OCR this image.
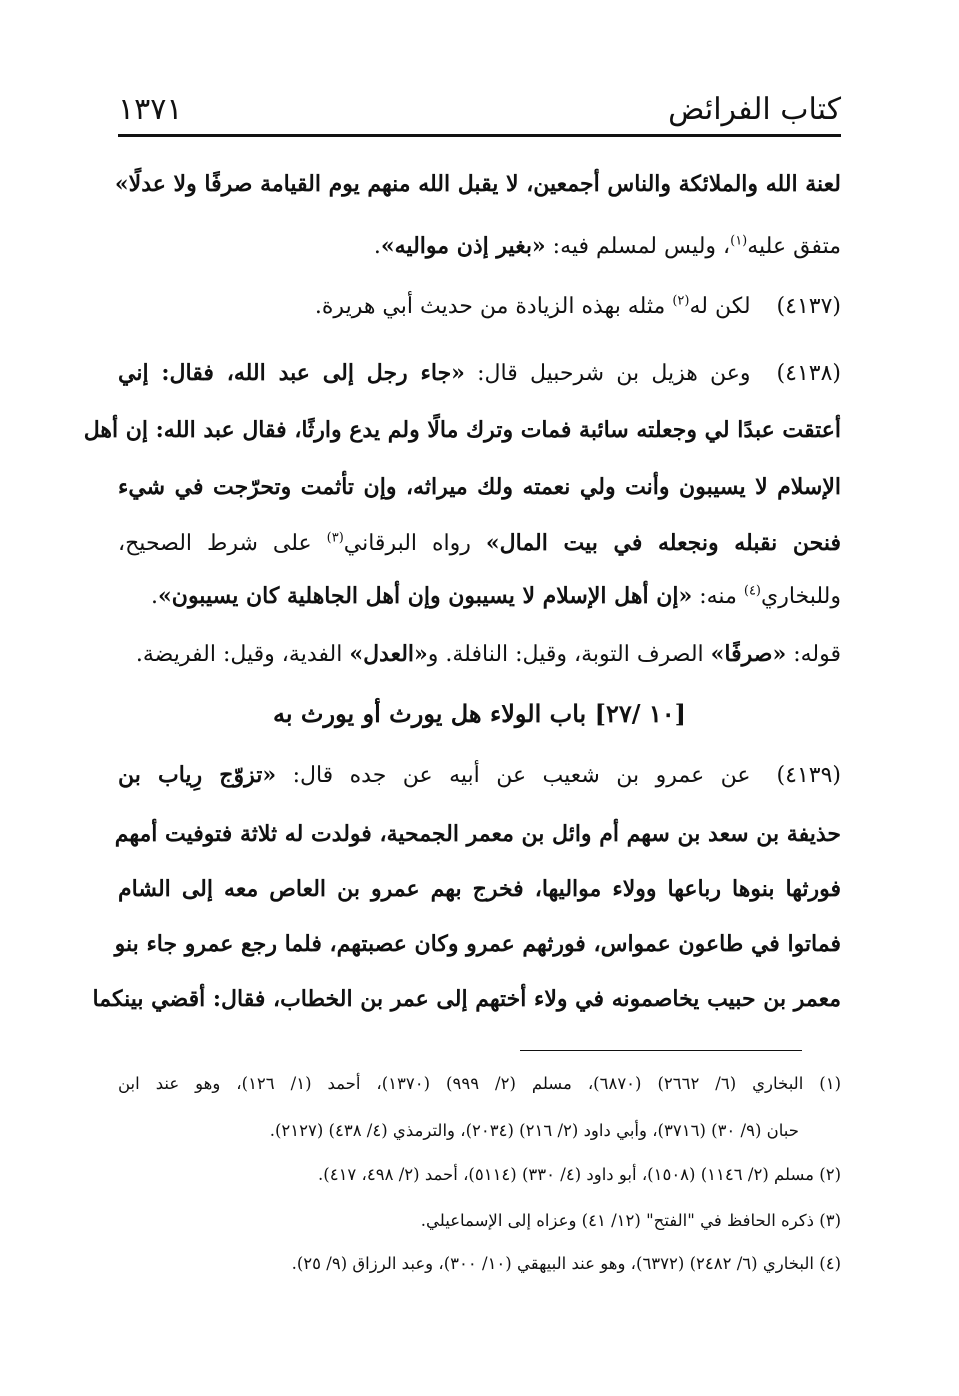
كتاب الفرائض
١٣٧١
لعنة الله والملائكة والناس أجمعين، لا يقبل الله منهم يوم القيامة صرفًا ولا عدلًا»
متفق عليه$^{(١)}$، وليس لمسلم فيه: «بغير إذن مواليه».
(٤١٣٧)لكن له$^{(٢)}$ مثله بهذه الزيادة من حديث أبي هريرة.
(٤١٣٨)وعن هزيل بن شرحبيل قال: «جاء رجل إلى عبد الله، فقال: إني
أعتقت عبدًا لي وجعلته سائبة فمات وترك مالًا ولم يدع وارثًا، فقال عبد الله: إن أهل
الإسلام لا يسيبون وأنت ولي نعمته ولك ميراثه، وإن تأثمت وتحرّجت في شيء
فنحن نقبله ونجعله في بيت المال» رواه البرقاني$^{(٣)}$ على شرط الصحيح،
وللبخاري$^{(٤)}$ منه: «إن أهل الإسلام لا يسيبون وإن أهل الجاهلية كان يسيبون».
قوله: «صرفًا» الصرف التوبة، وقيل: النافلة. و«العدل» الفدية، وقيل: الفريضة.
[١٠ /٢٧] باب الولاء هل يورث أو يورث به
(٤١٣٩)عن عمرو بن شعيب عن أبيه عن جده قال: «تزوّج رِياب بن
حذيفة بن سعد بن سهم أم وائل بن معمر الجمحية، فولدت له ثلاثة فتوفيت أمهم
فورثها بنوها رباعها وولاء مواليها، فخرج بهم عمرو بن العاص معه إلى الشام
فماتوا في طاعون عمواس، فورثهم عمرو وكان عصبتهم، فلما رجع عمرو جاء بنو
معمر بن حبيب يخاصمونه في ولاء أختهم إلى عمر بن الخطاب، فقال: أقضي بينكما
(١) البخاري (٦/ ٢٦٦٢) (٦٨٧٠)، مسلم (٢/ ٩٩٩) (١٣٧٠)، أحمد (١/ ١٢٦)، وهو عند ابن
حبان (٩/ ٣٠) (٣٧١٦)، وأبي داود (٢/ ٢١٦) (٢٠٣٤)، والترمذي (٤/ ٤٣٨) (٢١٢٧).
(٢) مسلم (٢/ ١١٤٦) (١٥٠٨)، أبو داود (٤/ ٣٣٠) (٥١١٤)، أحمد (٢/ ٤٩٨، ٤١٧).
(٣) ذكره الحافظ في "الفتح" (١٢/ ٤١) وعزاه إلى الإسماعيلي.
(٤) البخاري (٦/ ٢٤٨٢) (٦٣٧٢)، وهو عند البيهقي (١٠/ ٣٠٠)، وعبد الرزاق (٩/ ٢٥).
